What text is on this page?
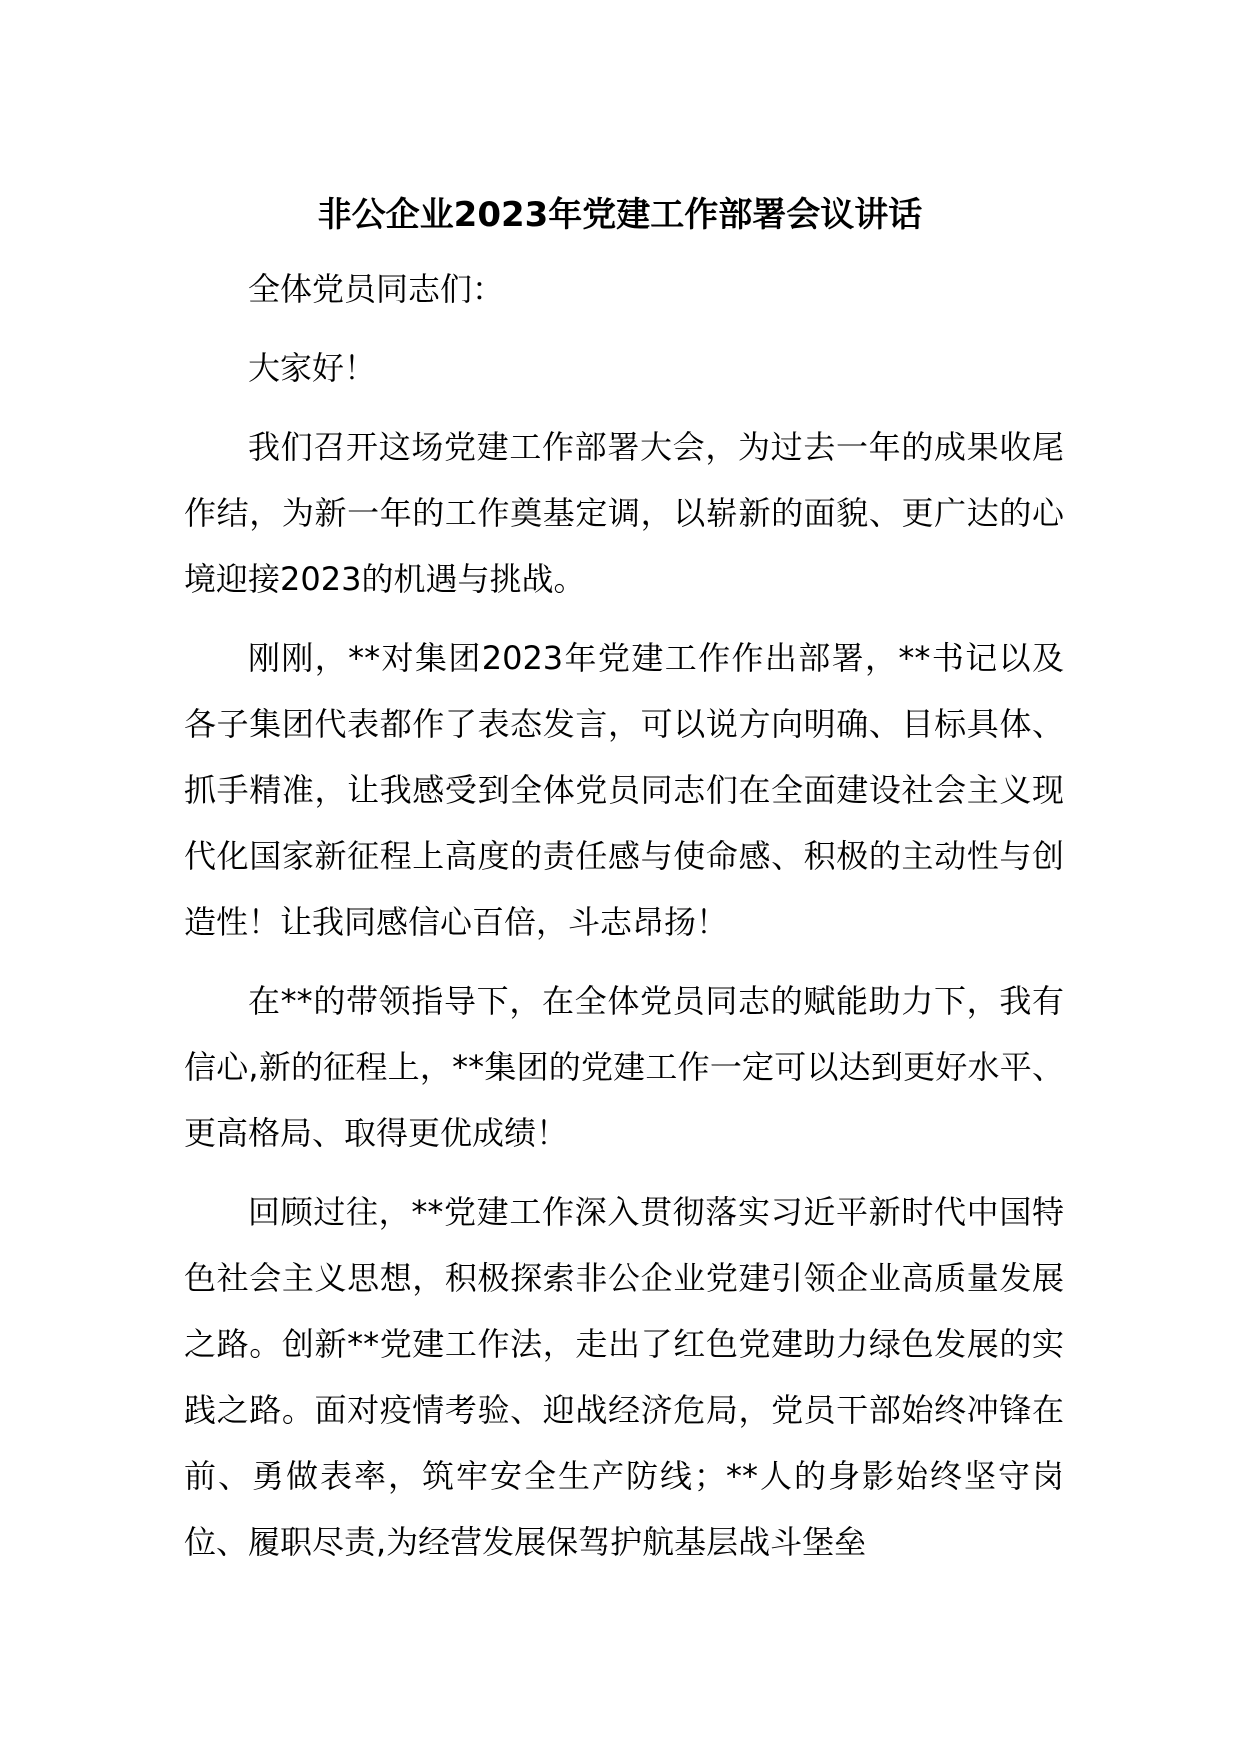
非公企业2023年党建工作部署会议讲话

全体党员同志们：

大家好！

我们召开这场党建工作部署大会，为过去一年的成果收尾作结，为新一年的工作奠基定调，以崭新的面貌、更广达的心境迎接2023的机遇与挑战。

刚刚，**对集团2023年党建工作作出部署，**书记以及各子集团代表都作了表态发言，可以说方向明确、目标具体、抓手精准，让我感受到全体党员同志们在全面建设社会主义现代化国家新征程上高度的责任感与使命感、积极的主动性与创造性！让我同感信心百倍，斗志昂扬！

在**的带领指导下，在全体党员同志的赋能助力下，我有信心,新的征程上，**集团的党建工作一定可以达到更好水平、更高格局、取得更优成绩！

回顾过往，**党建工作深入贯彻落实习近平新时代中国特色社会主义思想，积极探索非公企业党建引领企业高质量发展之路。创新**党建工作法，走出了红色党建助力绿色发展的实践之路。面对疫情考验、迎战经济危局，党员干部始终冲锋在前、勇做表率，筑牢安全生产防线；**人的身影始终坚守岗位、履职尽责,为经营发展保驾护航基层战斗堡垒
